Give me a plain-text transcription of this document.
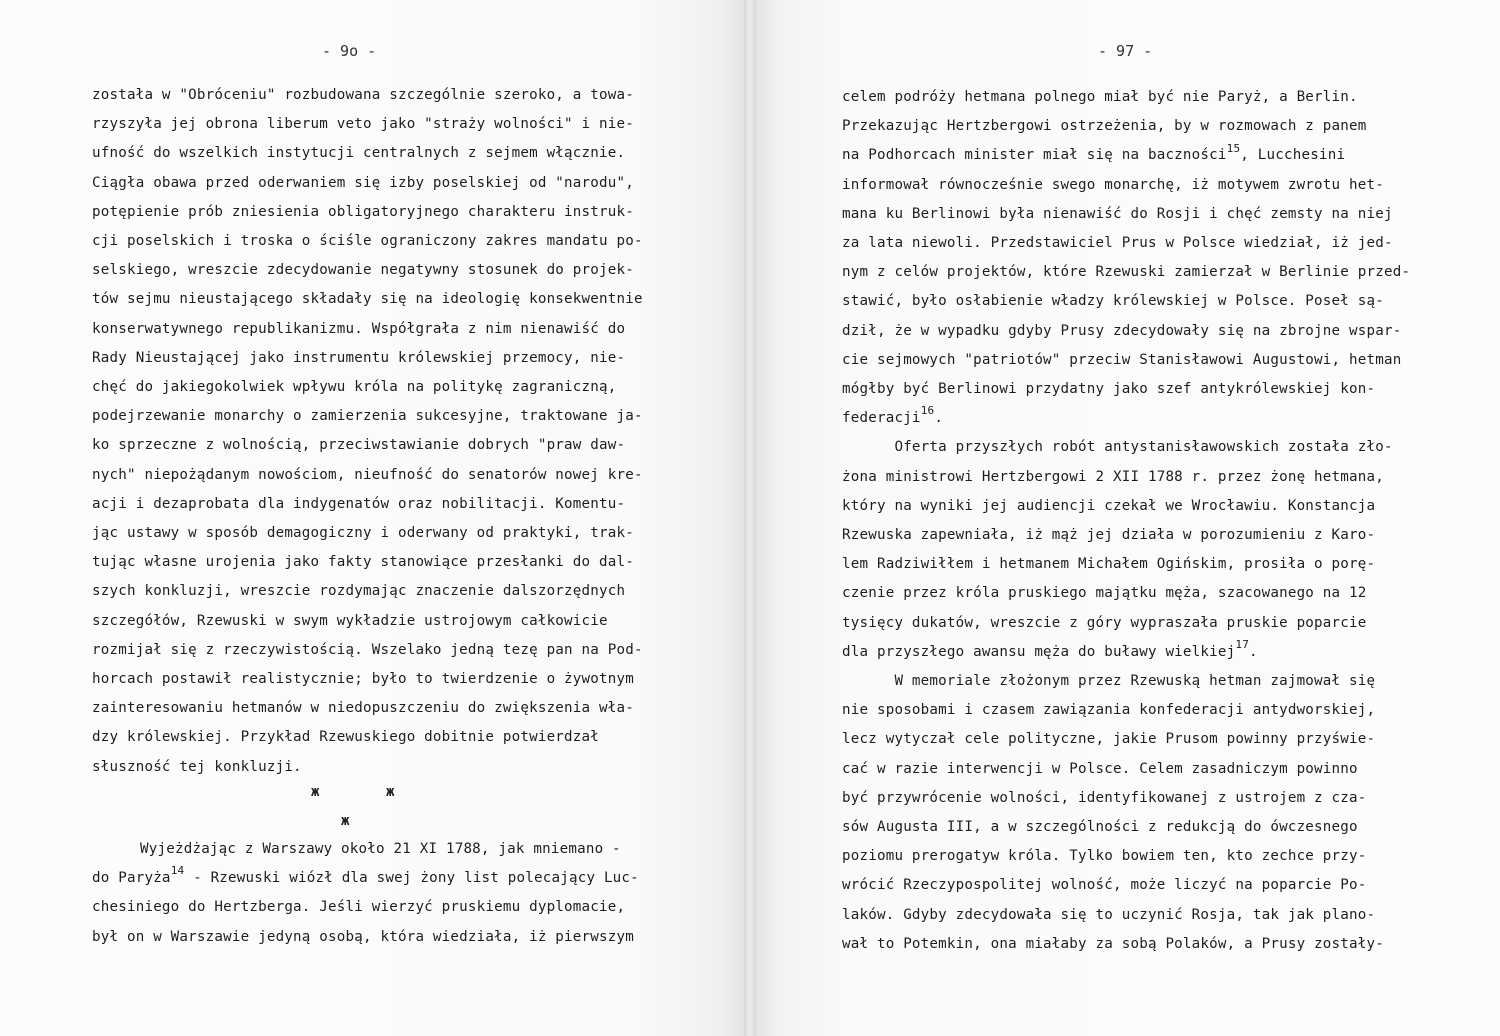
- 9o -
została w "Obróceniu" rozbudowana szczególnie szeroko, a towa-
rzyszyła jej obrona liberum veto jako "straży wolności" i nie-
ufność do wszelkich instytucji centralnych z sejmem włącznie.
Ciągła obawa przed oderwaniem się izby poselskiej od "narodu",
potępienie prób zniesienia obligatoryjnego charakteru instruk-
cji poselskich i troska o ściśle ograniczony zakres mandatu po-
selskiego, wreszcie zdecydowanie negatywny stosunek do projek-
tów sejmu nieustającego składały się na ideologię konsekwentnie
konserwatywnego republikanizmu. Współgrała z nim nienawiść do
Rady Nieustającej jako instrumentu królewskiej przemocy, nie-
chęć do jakiegokolwiek wpływu króla na politykę zagraniczną,
podejrzewanie monarchy o zamierzenia sukcesyjne, traktowane ja-
ko sprzeczne z wolnością, przeciwstawianie dobrych "praw daw-
nych" niepożądanym nowościom, nieufność do senatorów nowej kre-
acji i dezaprobata dla indygenatów oraz nobilitacji. Komentu-
jąc ustawy w sposób demagogiczny i oderwany od praktyki, trak-
tując własne urojenia jako fakty stanowiące przesłanki do dal-
szych konkluzji, wreszcie rozdymając znaczenie dalszorzędnych
szczegółów, Rzewuski w swym wykładzie ustrojowym całkowicie
rozmijał się z rzeczywistością. Wszelako jedną tezę pan na Pod-
horcach postawił realistycznie; było to twierdzenie o żywotnym
zainteresowaniu hetmanów w niedopuszczeniu do zwiększenia wła-
dzy królewskiej. Przykład Rzewuskiego dobitnie potwierdzał
słuszność tej konkluzji.
ж	ж
ж
Wyjeżdżając z Warszawy około 21 XI 1788, jak mniemano -
do Paryża$^{14}$ - Rzewuski wiózł dla swej żony list polecający Luc-
chesiniego do Hertzberga. Jeśli wierzyć pruskiemu dyplomacie,
był on w Warszawie jedyną osobą, która wiedziała, iż pierwszym
- 97 -
celem podróży hetmana polnego miał być nie Paryż, a Berlin.
Przekazując Hertzbergowi ostrzeżenia, by w rozmowach z panem
na Podhorcach minister miał się na baczności$^{15}$, Lucchesini
informował równocześnie swego monarchę, iż motywem zwrotu het-
mana ku Berlinowi była nienawiść do Rosji i chęć zemsty na niej
za lata niewoli. Przedstawiciel Prus w Polsce wiedział, iż jed-
nym z celów projektów, które Rzewuski zamierzał w Berlinie przed-
stawić, było osłabienie władzy królewskiej w Polsce. Poseł są-
dził, że w wypadku gdyby Prusy zdecydowały się na zbrojne wspar-
cie sejmowych "patriotów" przeciw Stanisławowi Augustowi, hetman
mógłby być Berlinowi przydatny jako szef antykrólewskiej kon-
federacji$^{16}$.
Oferta przyszłych robót antystanisławowskich została zło-
żona ministrowi Hertzbergowi 2 XII 1788 r. przez żonę hetmana,
który na wyniki jej audiencji czekał we Wrocławiu. Konstancja
Rzewuska zapewniała, iż mąż jej działa w porozumieniu z Karo-
lem Radziwiłłem i hetmanem Michałem Ogińskim, prosiła o porę-
czenie przez króla pruskiego majątku męża, szacowanego na 12
tysięcy dukatów, wreszcie z góry wypraszała pruskie poparcie
dla przyszłego awansu męża do buławy wielkiej$^{17}$.
W memoriale złożonym przez Rzewuską hetman zajmował się
nie sposobami i czasem zawiązania konfederacji antydworskiej,
lecz wytyczał cele polityczne, jakie Prusom powinny przyświe-
cać w razie interwencji w Polsce. Celem zasadniczym powinno
być przywrócenie wolności, identyfikowanej z ustrojem z cza-
sów Augusta III, a w szczególności z redukcją do ówczesnego
poziomu prerogatyw króla. Tylko bowiem ten, kto zechce przy-
wrócić Rzeczypospolitej wolność, może liczyć na poparcie Po-
laków. Gdyby zdecydowała się to uczynić Rosja, tak jak plano-
wał to Potemkin, ona miałaby za sobą Polaków, a Prusy zostały-
